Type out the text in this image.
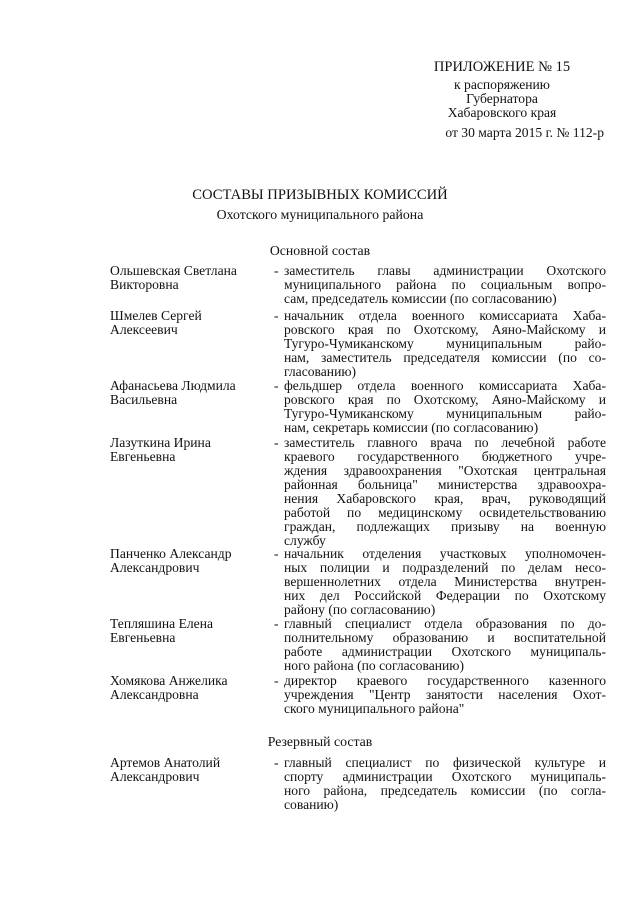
ПРИЛОЖЕНИЕ № 15
к распоряжению
Губернатора
Хабаровского края
от 30 марта 2015 г. № 112-р
СОСТАВЫ ПРИЗЫВНЫХ КОМИССИЙ
Охотского муниципального района
Основной состав
Ольшевская Светлана
Викторовна
- заместитель главы администрации Охотского
муниципального района по социальным вопро-
сам, председатель комиссии (по согласованию)
Шмелев Сергей
Алексеевич
- начальник отдела военного комиссариата Хаба-
ровского края по Охотскому, Аяно-Майскому и
Тугуро-Чумиканскому муниципальным райо-
нам, заместитель председателя комиссии (по со-
гласованию)
Афанасьева Людмила
Васильевна
- фельдшер отдела военного комиссариата Хаба-
ровского края по Охотскому, Аяно-Майскому и
Тугуро-Чумиканскому муниципальным райо-
нам, секретарь комиссии (по согласованию)
Лазуткина Ирина
Евгеньевна
- заместитель главного врача по лечебной работе
краевого государственного бюджетного учре-
ждения здравоохранения "Охотская центральная
районная больница" министерства здравоохра-
нения Хабаровского края, врач, руководящий
работой по медицинскому освидетельствованию
граждан, подлежащих призыву на военную
службу
Панченко Александр
Александрович
- начальник отделения участковых уполномочен-
ных полиции и подразделений по делам несо-
вершеннолетних отдела Министерства внутрен-
них дел Российской Федерации по Охотскому
району (по согласованию)
Тепляшина Елена
Евгеньевна
- главный специалист отдела образования по до-
полнительному образованию и воспитательной
работе администрации Охотского муниципаль-
ного района (по согласованию)
Хомякова Анжелика
Александровна
- директор краевого государственного казенного
учреждения "Центр занятости населения Охот-
ского муниципального района"
Резервный состав
Артемов Анатолий
Александрович
- главный специалист по физической культуре и
спорту администрации Охотского муниципаль-
ного района, председатель комиссии (по согла-
сованию)
